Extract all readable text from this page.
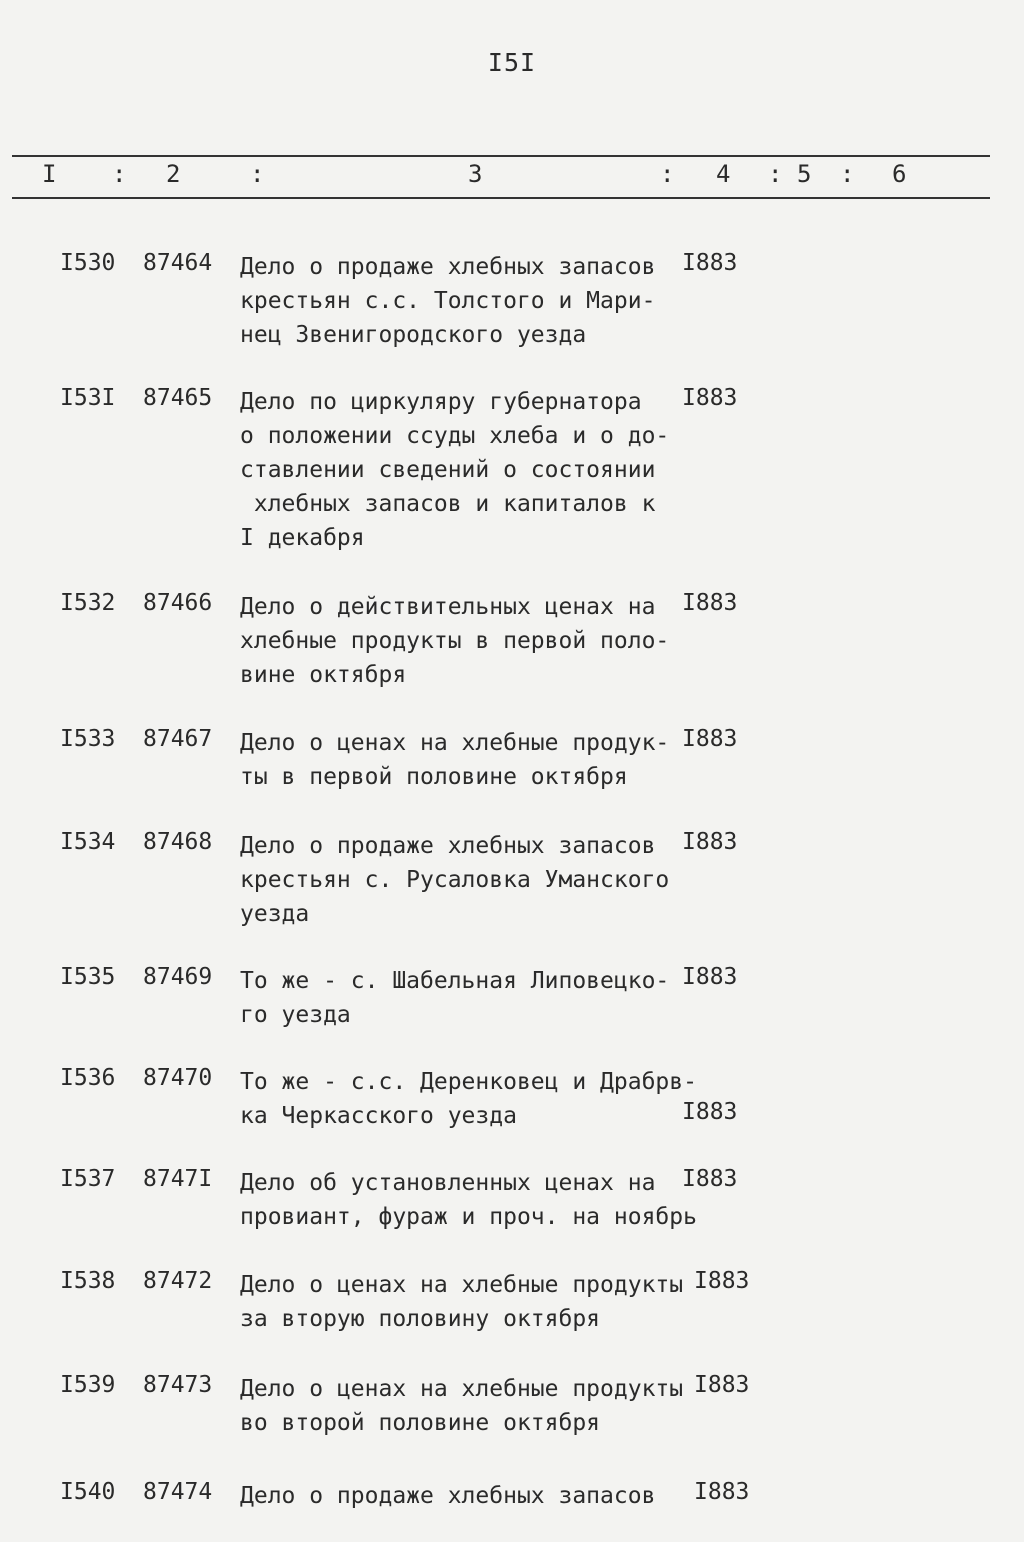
I5I
I : 2	:	3	: 4 : 5 : 6
I530 87464 Дело о продаже хлебных запасов
крестьян с.с. Толстого и Мари-
нец Звенигородского уезда
I883
I53I 87465 Дело по циркуляру губернатора
о положении ссуды хлеба и о до-
ставлении сведений о состоянии
хлебных запасов и капиталов к
I декабря
I883
I532 87466 Дело о действительных ценах на
хлебные продукты в первой поло-
вине октября
I883
I533 87467 Дело о ценах на хлебные продук-
ты в первой половине октября
I883
I534 87468 Дело о продаже хлебных запасов
крестьян с. Русаловка Уманского
уезда
I883
I535 87469 То же - с. Шабельная Липовецко-
го уезда
I883
I536 87470 То же - с.с. Деренковец и Драбрв-
ка Черкасского уезда	I883
I537 8747I Дело об установленных ценах на
провиант, фураж и проч. на ноябрь
I883
I538 87472 Дело о ценах на хлебные продукты
за вторую половину октября
I883
I539 87473 Дело о ценах на хлебные продукты
во второй половине октября
I883
I540 87474 Дело о продаже хлебных запасов I883
